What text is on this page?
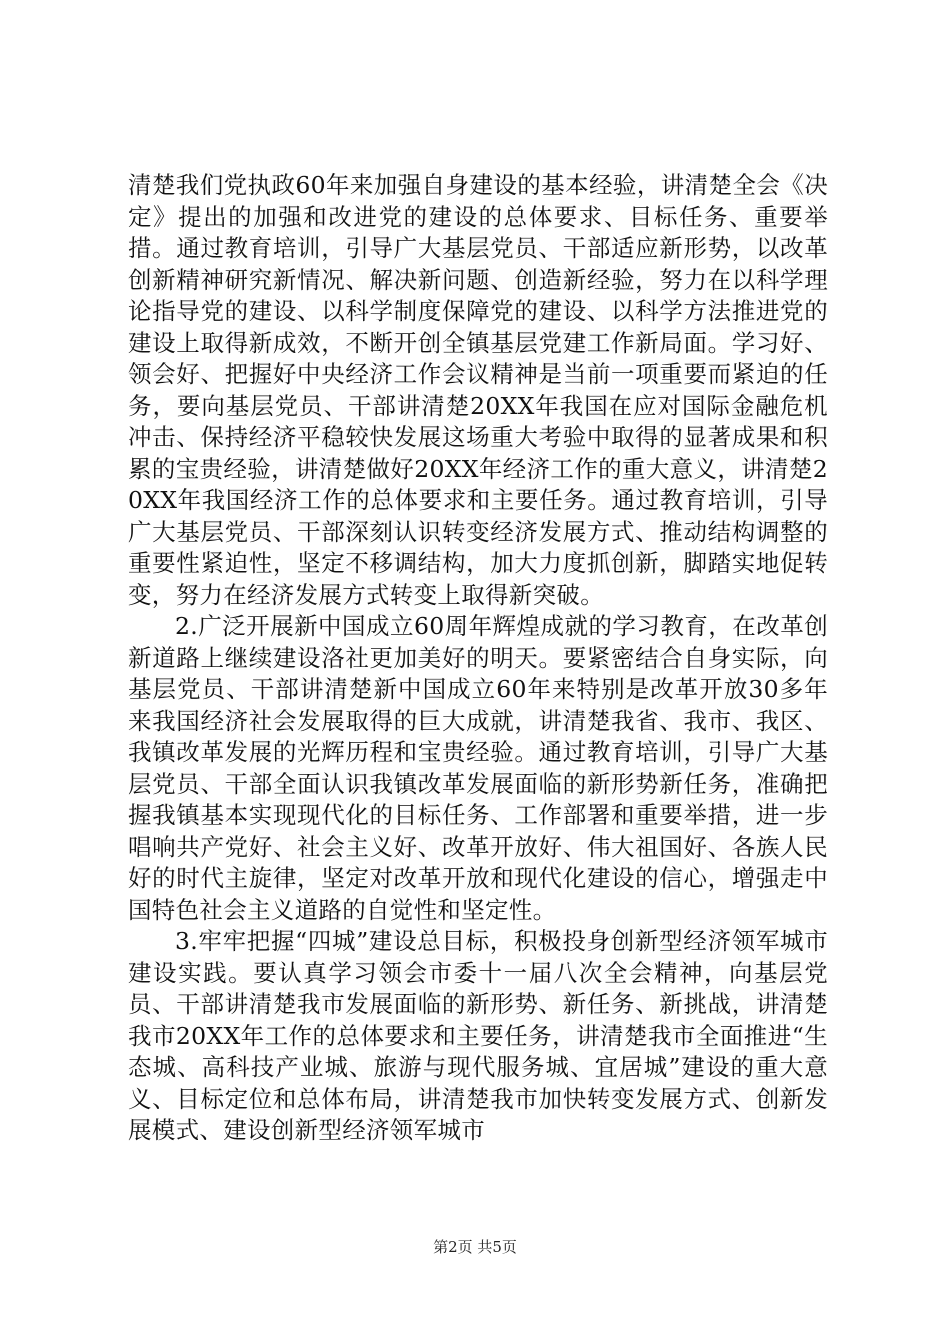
清楚我们党执政60年来加强自身建设的基本经验，讲清楚全会《决定》提出的加强和改进党的建设的总体要求、目标任务、重要举措。通过教育培训，引导广大基层党员、干部适应新形势，以改革创新精神研究新情况、解决新问题、创造新经验，努力在以科学理论指导党的建设、以科学制度保障党的建设、以科学方法推进党的建设上取得新成效，不断开创全镇基层党建工作新局面。学习好、领会好、把握好中央经济工作会议精神是当前一项重要而紧迫的任务，要向基层党员、干部讲清楚20XX年我国在应对国际金融危机冲击、保持经济平稳较快发展这场重大考验中取得的显著成果和积累的宝贵经验，讲清楚做好20XX年经济工作的重大意义，讲清楚20XX年我国经济工作的总体要求和主要任务。通过教育培训，引导广大基层党员、干部深刻认识转变经济发展方式、推动结构调整的重要性紧迫性，坚定不移调结构，加大力度抓创新，脚踏实地促转变，努力在经济发展方式转变上取得新突破。

2.广泛开展新中国成立60周年辉煌成就的学习教育，在改革创新道路上继续建设洛社更加美好的明天。要紧密结合自身实际，向基层党员、干部讲清楚新中国成立60年来特别是改革开放30多年来我国经济社会发展取得的巨大成就，讲清楚我省、我市、我区、我镇改革发展的光辉历程和宝贵经验。通过教育培训，引导广大基层党员、干部全面认识我镇改革发展面临的新形势新任务，准确把握我镇基本实现现代化的目标任务、工作部署和重要举措，进一步唱响共产党好、社会主义好、改革开放好、伟大祖国好、各族人民好的时代主旋律，坚定对改革开放和现代化建设的信心，增强走中国特色社会主义道路的自觉性和坚定性。

3.牢牢把握“四城”建设总目标，积极投身创新型经济领军城市建设实践。要认真学习领会市委十一届八次全会精神，向基层党员、干部讲清楚我市发展面临的新形势、新任务、新挑战，讲清楚我市20XX年工作的总体要求和主要任务，讲清楚我市全面推进“生态城、高科技产业城、旅游与现代服务城、宜居城”建设的重大意义、目标定位和总体布局，讲清楚我市加快转变发展方式、创新发展模式、建设创新型经济领军城市

第2页 共5页
